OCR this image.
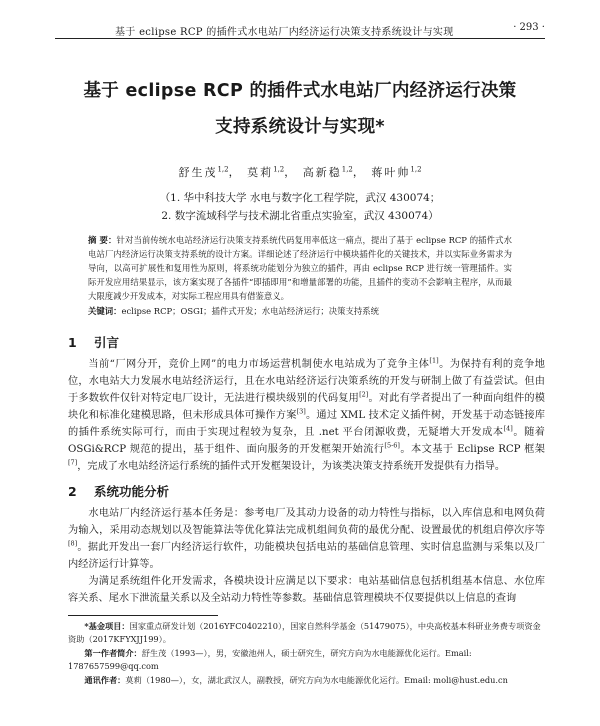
基于 eclipse RCP 的插件式水电站厂内经济运行决策支持系统设计与实现	· 293 ·
基于 eclipse RCP 的插件式水电站厂内经济运行决策
支持系统设计与实现*
舒生茂$^{1,2}$， 莫莉$^{1,2}$， 高新稳$^{1,2}$， 蒋叶帅$^{1,2}$
（1. 华中科技大学 水电与数字化工程学院，武汉 430074；
2. 数字流域科学与技术湖北省重点实验室，武汉 430074）
摘 要：针对当前传统水电站经济运行决策支持系统代码复用率低这一痛点，提出了基于 eclipse RCP 的插件式水电站厂内经济运行决策支持系统的设计方案。详细论述了经济运行中模块插件化的关键技术，并以实际业务需求为导向，以高可扩展性和复用性为原则，将系统功能划分为独立的插件，再由 eclipse RCP 进行统一管理插件。实际开发应用结果显示，该方案实现了各插件“即插即用”和增量部署的功能，且插件的变动不会影响主程序，从而最大限度减少开发成本，对实际工程应用具有借鉴意义。
关键词：eclipse RCP；OSGI；插件式开发；水电站经济运行；决策支持系统
1 引言
当前“厂网分开，竞价上网”的电力市场运营机制使水电站成为了竞争主体[1]。为保持有利的竞争地位，水电站大力发展水电站经济运行，且在水电站经济运行决策系统的开发与研制上做了有益尝试。但由于多数软件仅针对特定电厂设计，无法进行模块级别的代码复用[2]。对此有学者提出了一种面向组件的模块化和标准化建模思路，但未形成具体可操作方案[3]。通过 XML 技术定义插件树，开发基于动态链接库的插件系统实际可行，而由于实现过程较为复杂，且 .net 平台闭源收费，无疑增大开发成本[4]。随着 OSGi&RCP 规范的提出，基于组件、面向服务的开发框架开始流行[5-6]。本文基于 Eclipse RCP 框架[7]，完成了水电站经济运行系统的插件式开发框架设计，为该类决策支持系统开发提供有力指导。
2 系统功能分析
水电站厂内经济运行基本任务是：参考电厂及其动力设备的动力特性与指标，以入库信息和电网负荷为输入，采用动态规划以及智能算法等优化算法完成机组间负荷的最优分配、设置最优的机组启停次序等[8]。据此开发出一套厂内经济运行软件，功能模块包括电站的基础信息管理、实时信息监测与采集以及厂内经济运行计算等。
为满足系统组件化开发需求，各模块设计应满足以下要求：电站基础信息包括机组基本信息、水位库容关系、尾水下泄流量关系以及全站动力特性等参数。基础信息管理模块不仅要提供以上信息的查询
*基金项目：国家重点研发计划（2016YFC0402210），国家自然科学基金（51479075），中央高校基本科研业务费专项资金资助（2017KFYXJJ199）。
第一作者简介：舒生茂（1993—），男，安徽池州人，硕士研究生，研究方向为水电能源优化运行。Email: 1787657599@qq.com
通讯作者：莫莉（1980—），女，湖北武汉人，副教授，研究方向为水电能源优化运行。Email: moli@hust.edu.cn
